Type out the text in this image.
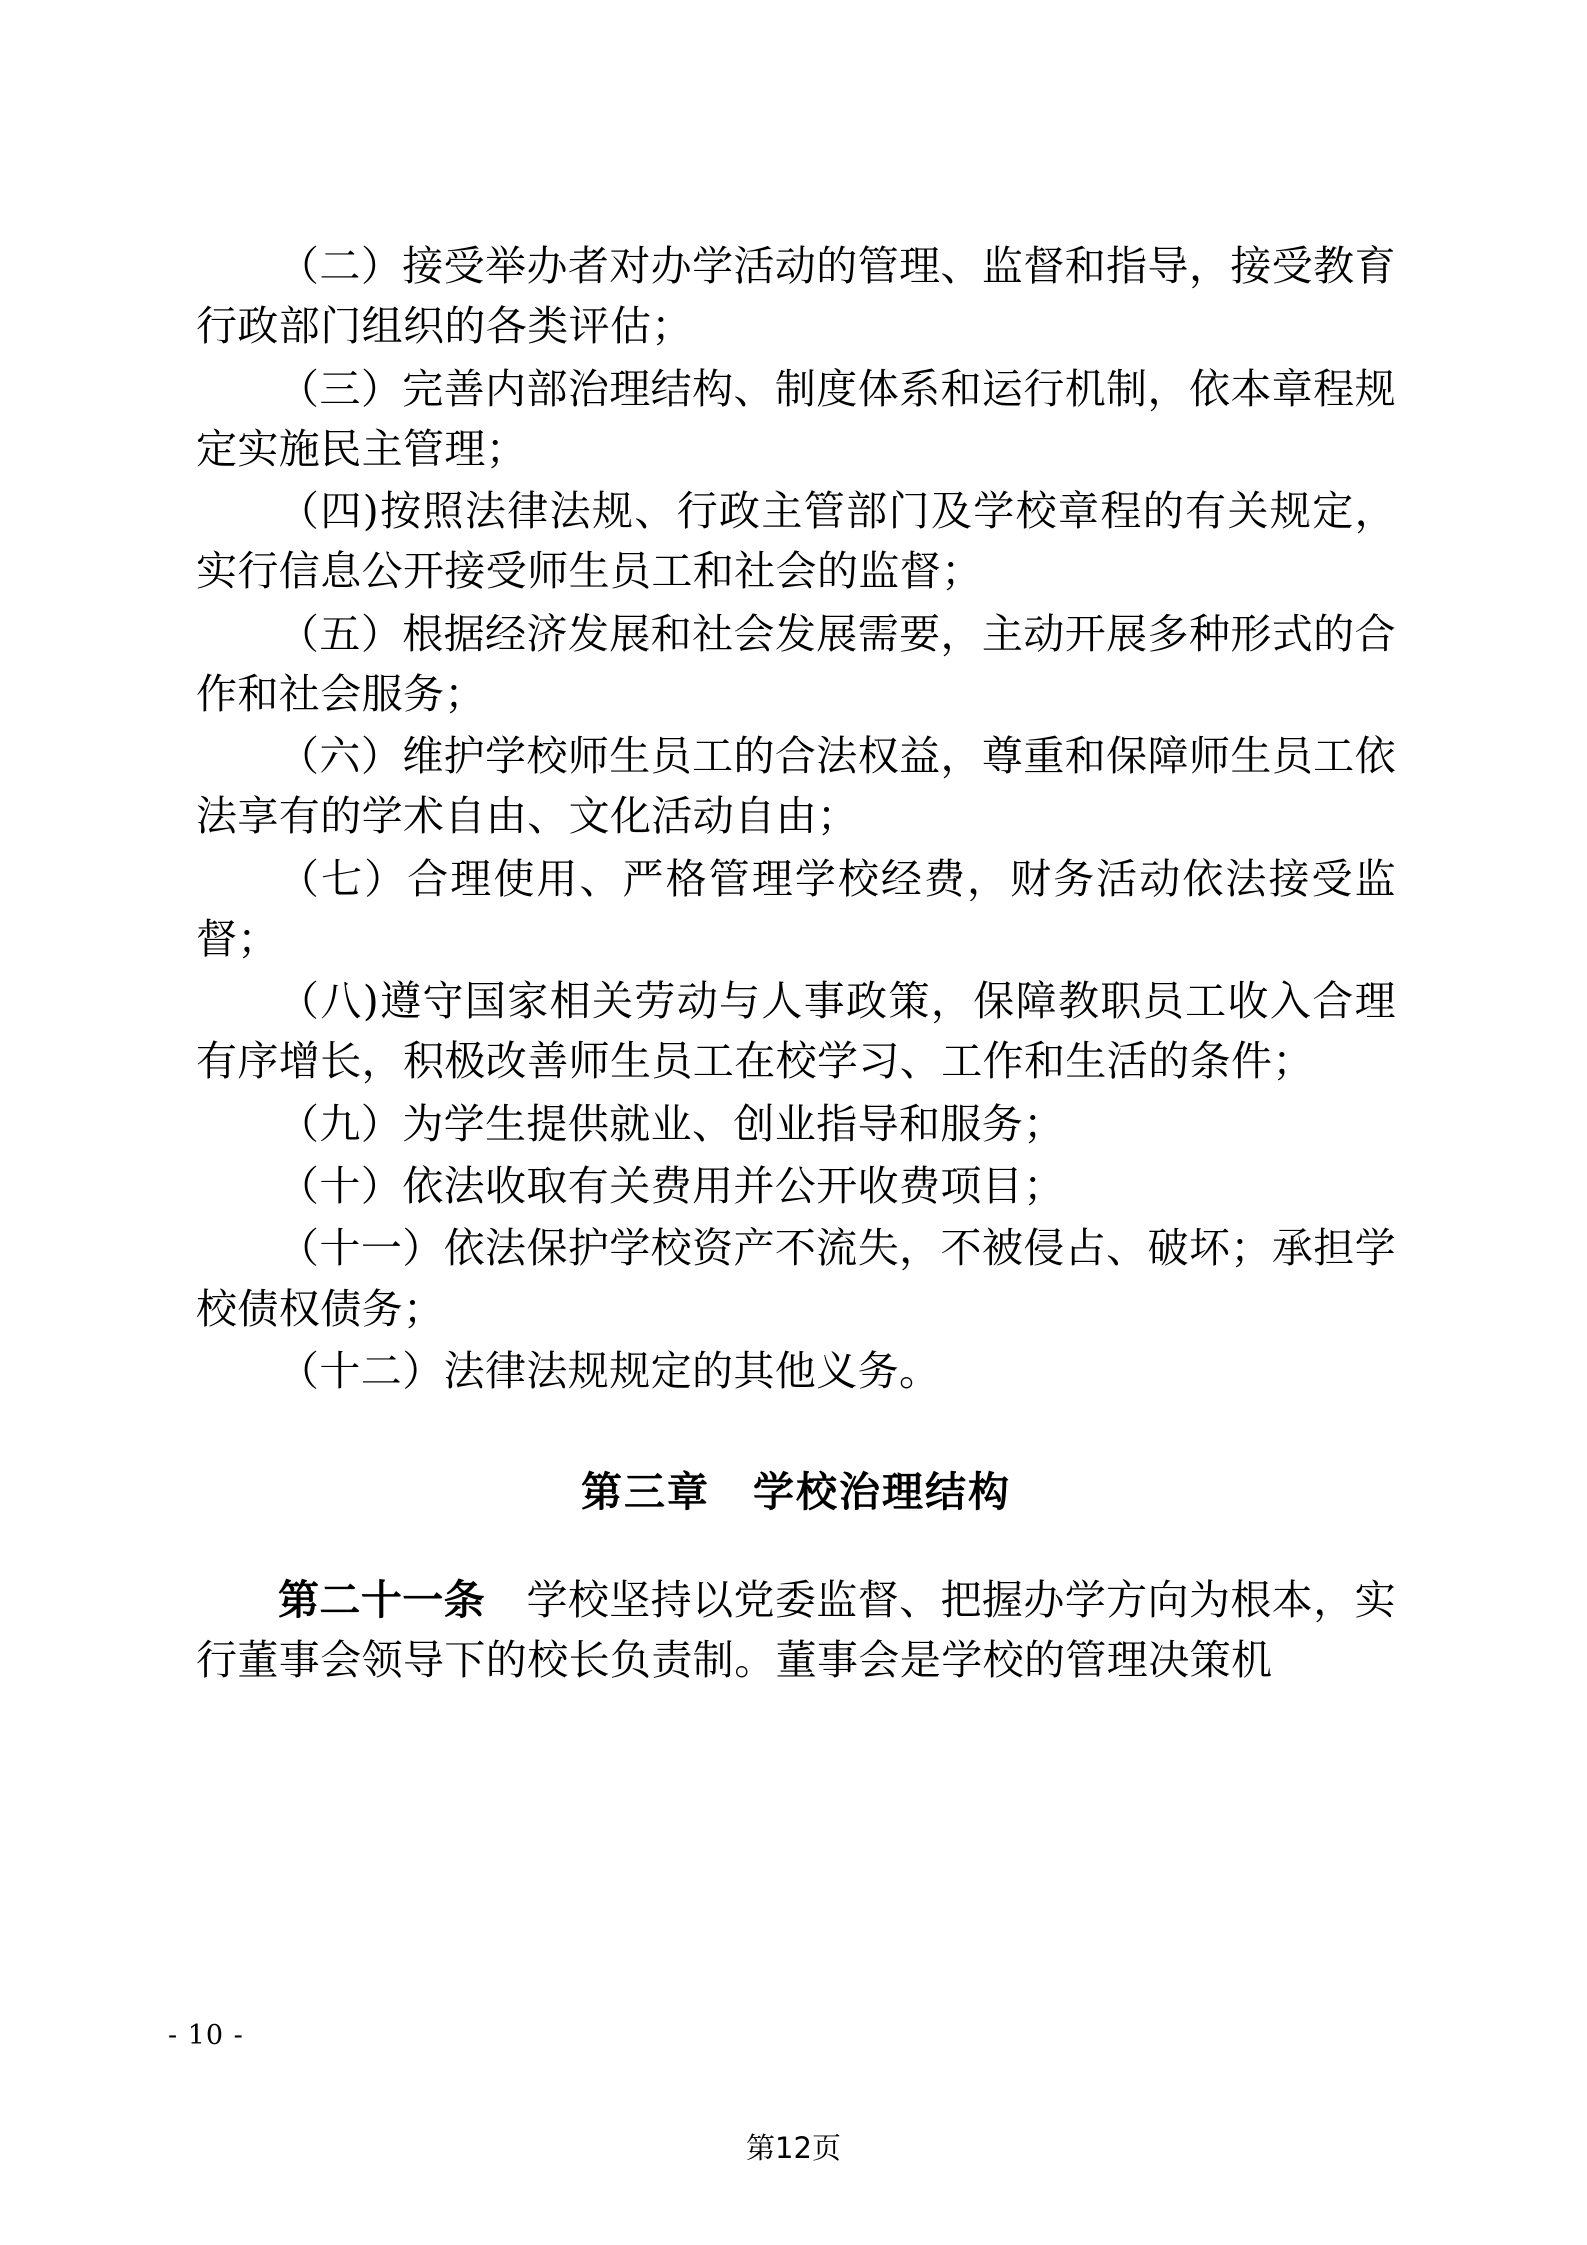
（二）接受举办者对办学活动的管理、监督和指导，接受教育行政部门组织的各类评估；

（三）完善内部治理结构、制度体系和运行机制，依本章程规定实施民主管理；

（四)按照法律法规、行政主管部门及学校章程的有关规定，实行信息公开接受师生员工和社会的监督；

（五）根据经济发展和社会发展需要，主动开展多种形式的合作和社会服务；

（六）维护学校师生员工的合法权益，尊重和保障师生员工依法享有的学术自由、文化活动自由；

（七）合理使用、严格管理学校经费，财务活动依法接受监督；

（八)遵守国家相关劳动与人事政策，保障教职员工收入合理有序增长，积极改善师生员工在校学习、工作和生活的条件；

（九）为学生提供就业、创业指导和服务；

（十）依法收取有关费用并公开收费项目；

（十一）依法保护学校资产不流失，不被侵占、破坏；承担学校债权债务；

（十二）法律法规规定的其他义务。

第三章　学校治理结构

第二十一条　学校坚持以党委监督、把握办学方向为根本，实行董事会领导下的校长负责制。董事会是学校的管理决策机

- 10 -
第12页
